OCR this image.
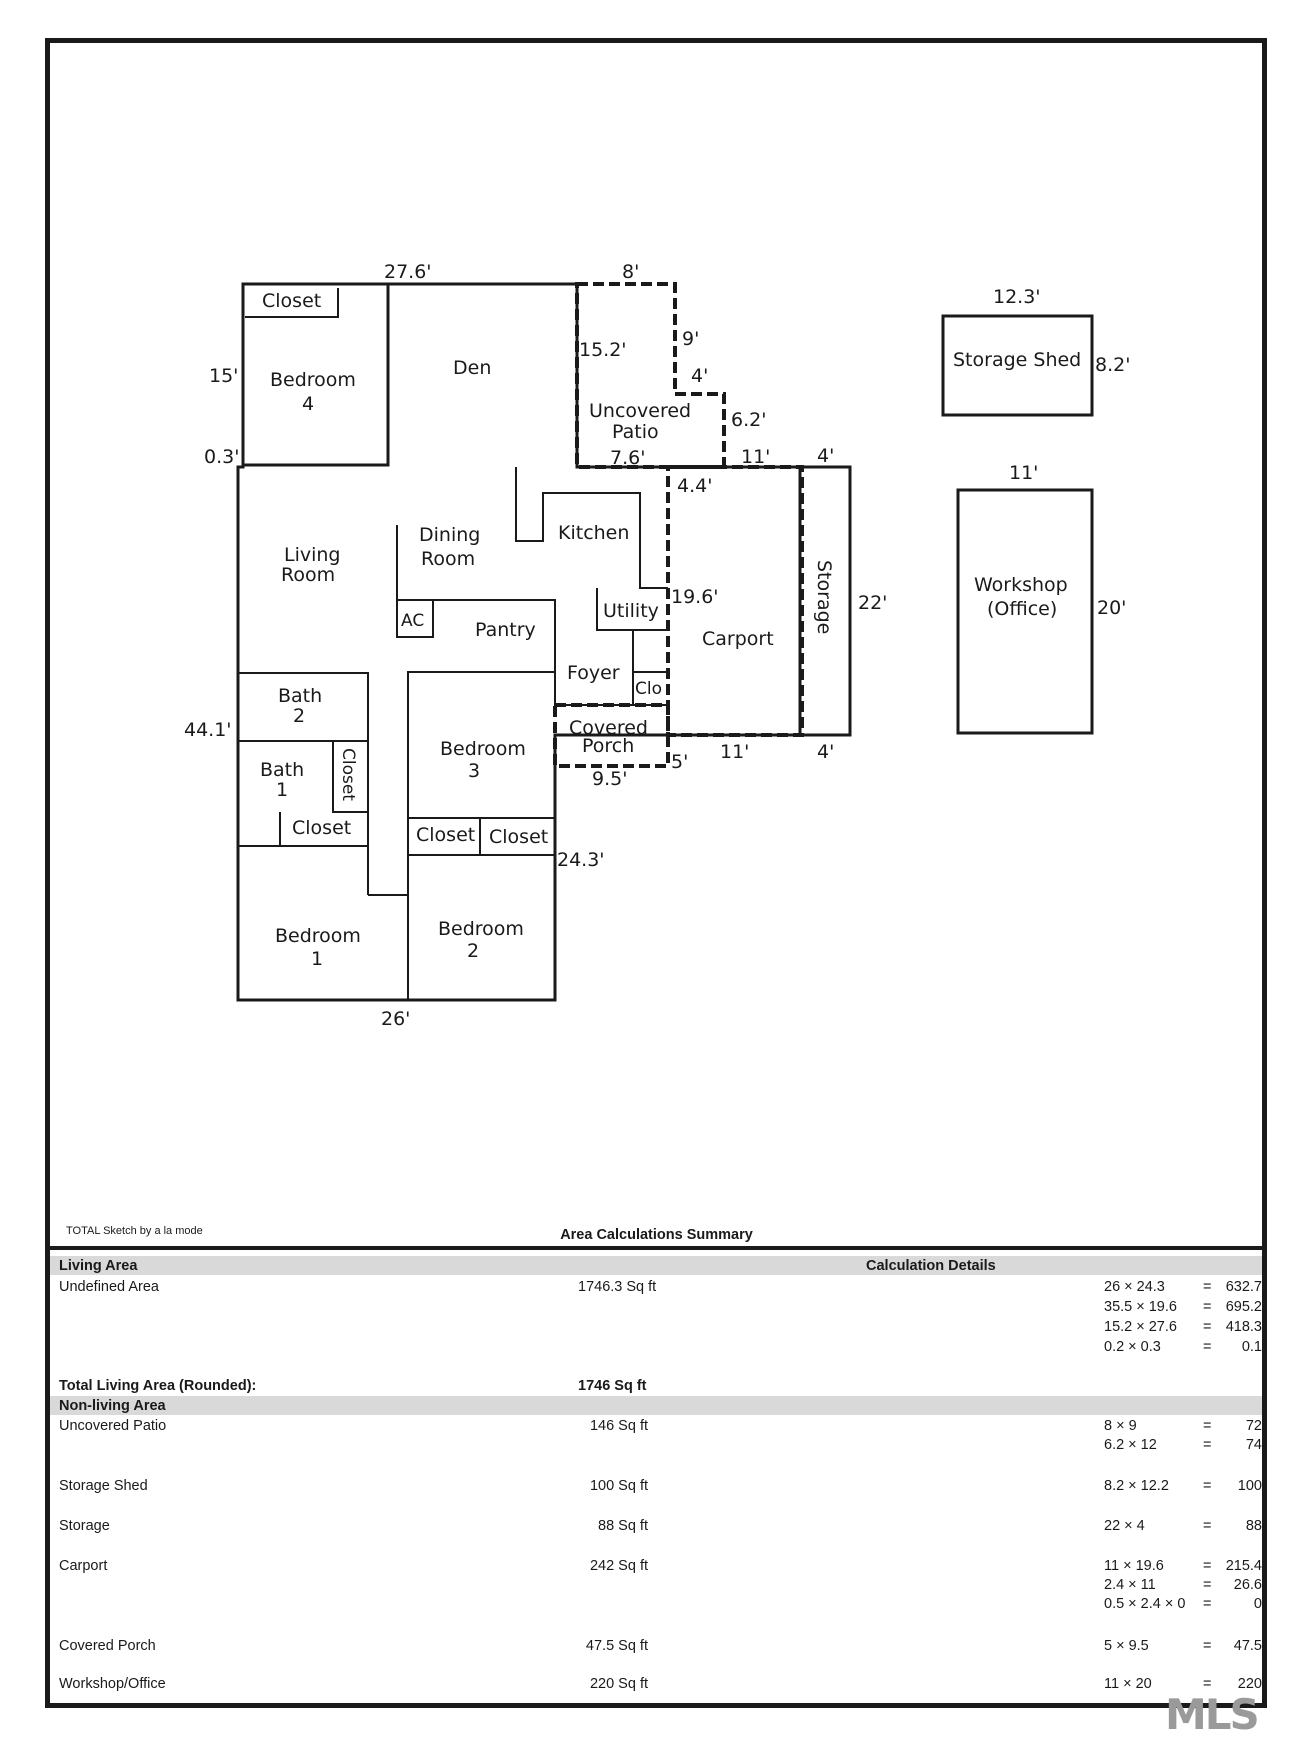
Closet
Bedroom
4
Den
Uncovered
Patio
Living
Room
Dining
Room
Kitchen
AC	Pantry
Utility
Foyer
Clo
Carport
Storage
Covered
Porch
Bath
2
Bath
1	Closet
Closet
Bedroom
3
Closet Closet
Bedroom
1
Bedroom
2
Storage Shed
Workshop
(Office)
27.6'	8'
15'
0.3'
15.2'	9'
4'
6.2'
7.6'	11' 4'
4.4'
19.6'	22'
44.1'
5' 11'	4'
9.5'
24.3'
26'
12.3'
8.2'
11'
20'
TOTAL Sketch by a la mode	Area Calculations Summary
Living Area	Calculation Details
Undefined Area	1746.3 Sq ft	26 × 24.3	= 632.7
35.5 × 19.6 = 695.2
15.2 × 27.6 = 418.3
0.2 × 0.3	=	0.1
Total Living Area (Rounded):	1746 Sq ft
Non-living Area
Uncovered Patio	146 Sq ft	8 × 9	=	72
6.2 × 12	=	74
Storage Shed	100 Sq ft	8.2 × 12.2 =	100
Storage	88 Sq ft	22 × 4	=	88
Carport	242 Sq ft	11 × 19.6	= 215.4
2.4 × 11	=	26.6
0.5 × 2.4 × 0 =	0
Covered Porch	47.5 Sq ft	5 × 9.5	=	47.5
Workshop/Office	220 Sq ft	11 × 20	=	220
MLS
